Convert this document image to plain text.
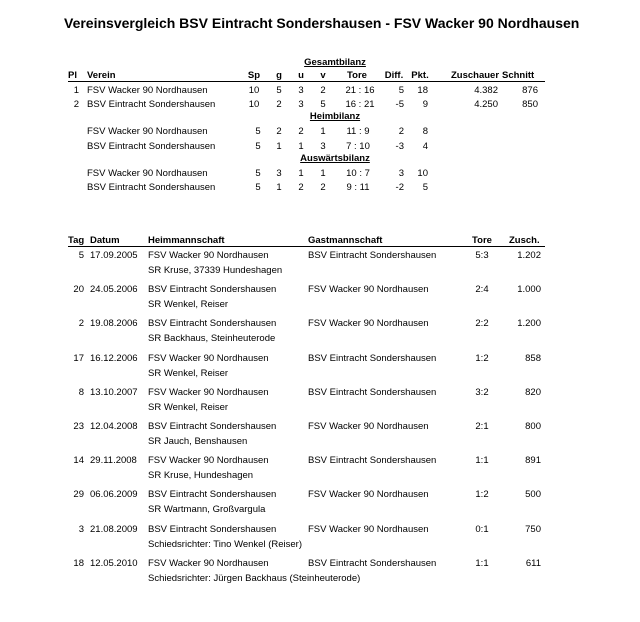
Vereinsvergleich BSV Eintracht Sondershausen - FSV Wacker 90 Nordhausen
Gesamtbilanz
Pl Verein	Sp	g u v	Tore	Diff. Pkt. Zuschauer Schnitt
1 FSV Wacker 90 Nordhausen	10	5 3 2	21 : 16	5	18	4.382	876
2 BSV Eintracht Sondershausen	10	2 3 5	16 : 21	-5	9	4.250	850
Heimbilanz
FSV Wacker 90 Nordhausen	5	2 2 1	11 : 9	2	8
BSV Eintracht Sondershausen	5	1 1 3	7 : 10	-3	4
Auswärtsbilanz
FSV Wacker 90 Nordhausen	5	3 1 1	10 : 7	3	10
BSV Eintracht Sondershausen	5	1 2 2	9 : 11	-2	5
Tag Datum	Heimmannschaft	Gastmannschaft	Tore	Zusch.
5 17.09.2005 FSV Wacker 90 Nordhausen	BSV Eintracht Sondershausen	5:3	1.202
SR Kruse, 37339 Hundeshagen
20 24.05.2006 BSV Eintracht Sondershausen	FSV Wacker 90 Nordhausen	2:4	1.000
SR Wenkel, Reiser
2 19.08.2006 BSV Eintracht Sondershausen	FSV Wacker 90 Nordhausen	2:2	1.200
SR Backhaus, Steinheuterode
17 16.12.2006 FSV Wacker 90 Nordhausen	BSV Eintracht Sondershausen	1:2	858
SR Wenkel, Reiser
8 13.10.2007 FSV Wacker 90 Nordhausen	BSV Eintracht Sondershausen	3:2	820
SR Wenkel, Reiser
23 12.04.2008 BSV Eintracht Sondershausen	FSV Wacker 90 Nordhausen	2:1	800
SR Jauch, Benshausen
14 29.11.2008 FSV Wacker 90 Nordhausen	BSV Eintracht Sondershausen	1:1	891
SR Kruse, Hundeshagen
29 06.06.2009 BSV Eintracht Sondershausen	FSV Wacker 90 Nordhausen	1:2	500
SR Wartmann, Großvargula
3 21.08.2009 BSV Eintracht Sondershausen	FSV Wacker 90 Nordhausen	0:1	750
Schiedsrichter: Tino Wenkel (Reiser)
18 12.05.2010 FSV Wacker 90 Nordhausen	BSV Eintracht Sondershausen	1:1	611
Schiedsrichter: Jürgen Backhaus (Steinheuterode)
